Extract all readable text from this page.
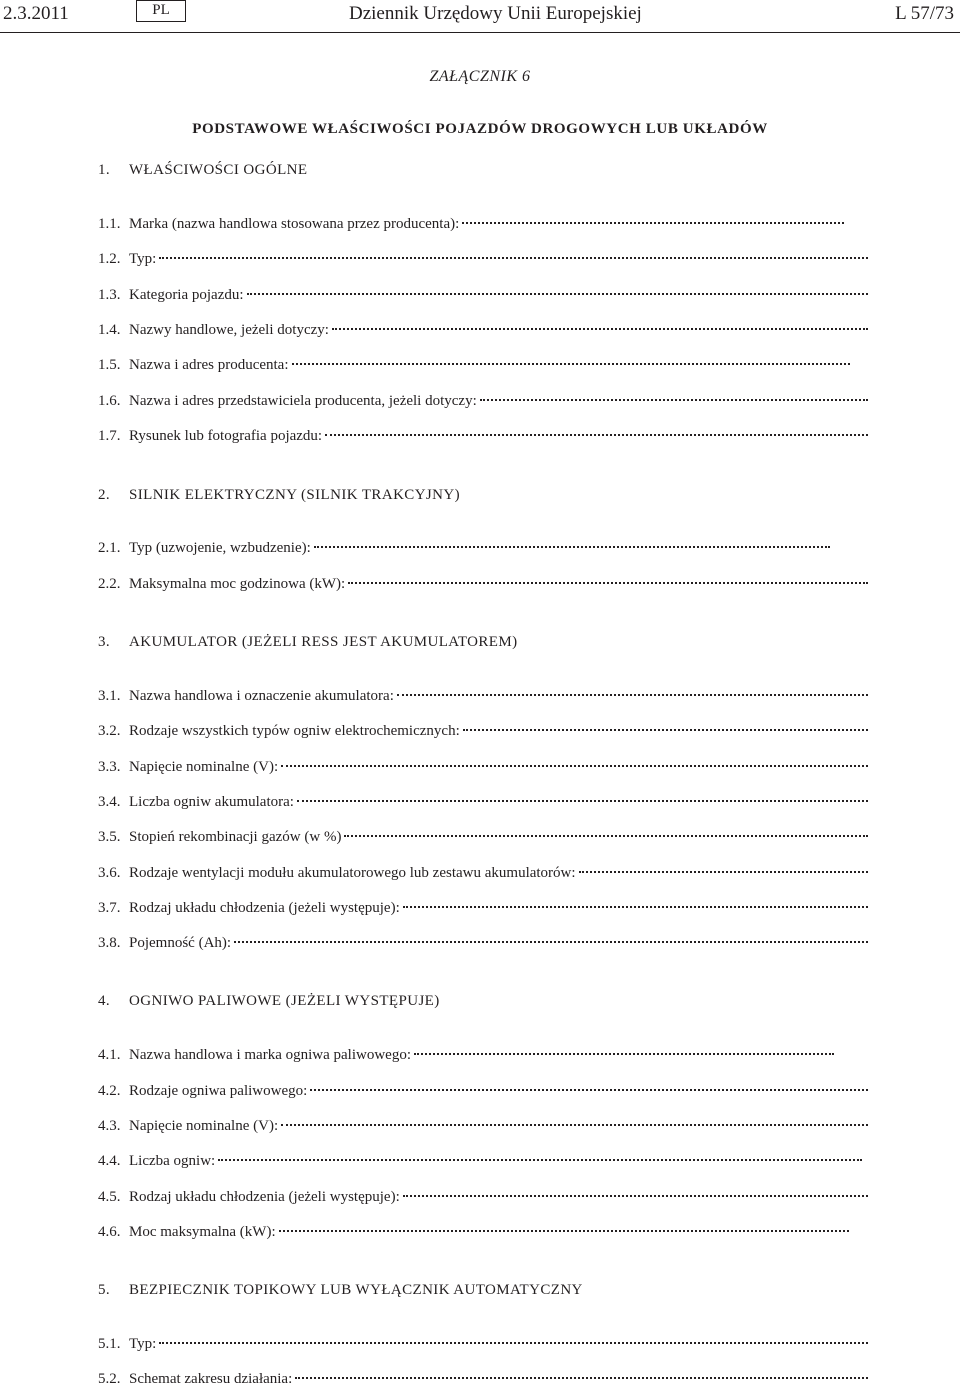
2.3.2011	PL	Dziennik Urzędowy Unii Europejskiej	L 57/73
ZAŁĄCZNIK 6
PODSTAWOWE WŁAŚCIWOŚCI POJAZDÓW DROGOWYCH LUB UKŁADÓW
1.	WŁAŚCIWOŚCI OGÓLNE
1.1. Marka (nazwa handlowa stosowana przez producenta):
1.2. Typ:
1.3. Kategoria pojazdu:
1.4. Nazwy handlowe, jeżeli dotyczy:
1.5. Nazwa i adres producenta:
1.6. Nazwa i adres przedstawiciela producenta, jeżeli dotyczy:
1.7. Rysunek lub fotografia pojazdu:
2.	SILNIK ELEKTRYCZNY (SILNIK TRAKCYJNY)
2.1. Typ (uzwojenie, wzbudzenie):
2.2. Maksymalna moc godzinowa (kW):
3.	AKUMULATOR (JEŻELI RESS JEST AKUMULATOREM)
3.1. Nazwa handlowa i oznaczenie akumulatora:
3.2. Rodzaje wszystkich typów ogniw elektrochemicznych:
3.3. Napięcie nominalne (V):
3.4. Liczba ogniw akumulatora:
3.5. Stopień rekombinacji gazów (w %)
3.6. Rodzaje wentylacji modułu akumulatorowego lub zestawu akumulatorów:
3.7. Rodzaj układu chłodzenia (jeżeli występuje):
3.8. Pojemność (Ah):
4.	OGNIWO PALIWOWE (JEŻELI WYSTĘPUJE)
4.1. Nazwa handlowa i marka ogniwa paliwowego:
4.2. Rodzaje ogniwa paliwowego:
4.3. Napięcie nominalne (V):
4.4. Liczba ogniw:
4.5. Rodzaj układu chłodzenia (jeżeli występuje):
4.6. Moc maksymalna (kW):
5.	BEZPIECZNIK TOPIKOWY LUB WYŁĄCZNIK AUTOMATYCZNY
5.1. Typ:
5.2. Schemat zakresu działania:
